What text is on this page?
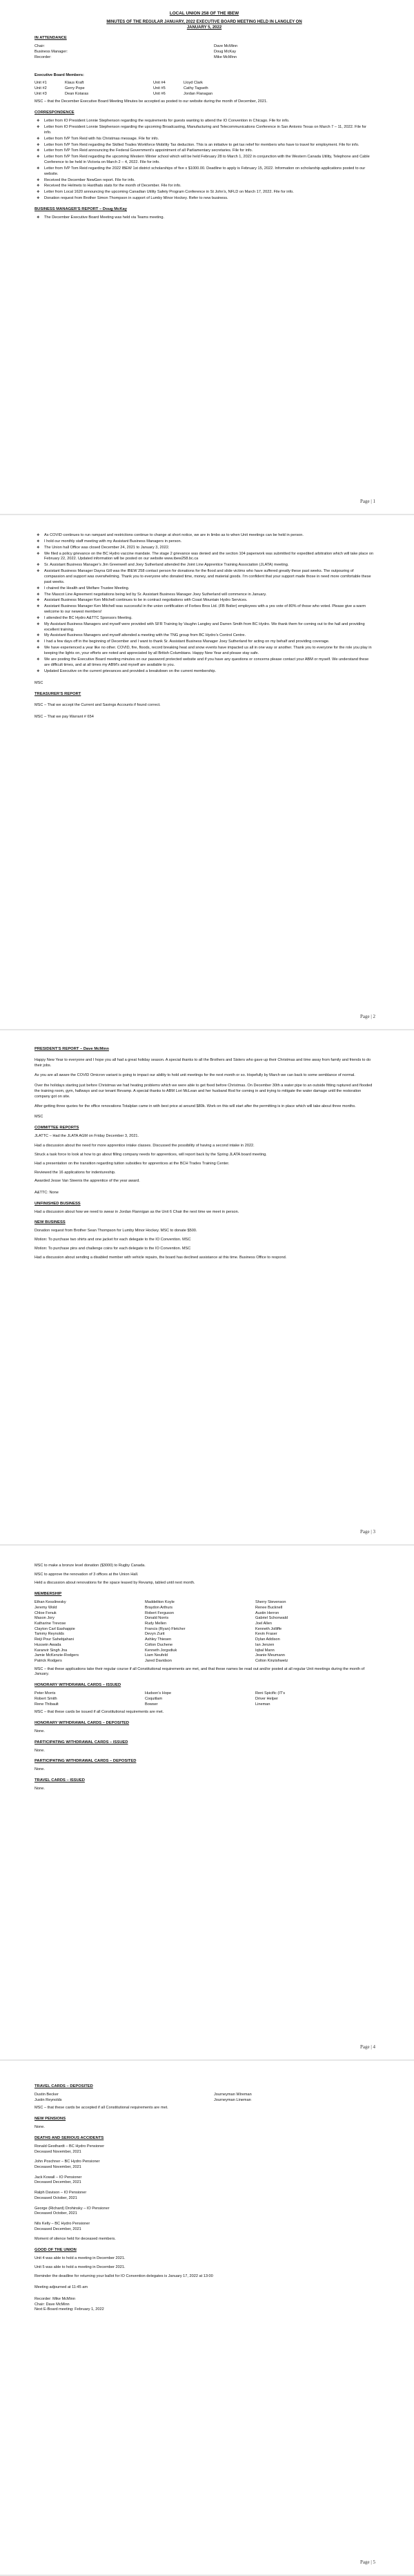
LOCAL UNION 258 OF THE IBEW
MINUTES OF THE REGULAR JANUARY, 2022 EXECUTIVE BOARD MEETING HELD IN LANGLEY ON
JANUARY 5, 2022
IN ATTENDANCE
Chair:	Dave McMinn
Business Manager:	Doug McKay
Recorder:	Mike McMinn
Executive Board Members:
Unit #1	Klaus Kraft	Unit #4	Lloyd Clark
Unit #2	Gerry Pope	Unit #5	Cathy Tagseth
Unit #3	Dean Kotaras	Unit #6	Jordan Flanagan

MSC – that the December Executive Board Meeting Minutes be accepted as posted to our website during the month of December, 2021.

CORRESPONDENCE
❖ Letter from IO President Lonnie Stephenson regarding the requirements for guests wanting to attend the IO Convention in Chicago. File for info.
❖ Letter from IO President Lonnie Stephenson regarding the upcoming Broadcasting, Manufacturing and Telecommunications Conference in San Antonio Texas on March 7 – 11, 2022. File for info.
❖ Letter from IVP Tom Reid with his Christmas message. File for info.
❖ Letter from IVP Tom Reid regarding the Skilled Trades Workforce Mobility Tax deduction. This is an initiative to get tax relief for members who have to travel for employment. File for info.
❖ Letter from IVP Tom Reid announcing the Federal Government’s appointment of all Parliamentary secretaries. File for info.
❖ Letter from IVP Tom Reid regarding the upcoming Western Winter school which will be held February 28 to March 1, 2022 in conjunction with the Western Canada Utility, Telephone and Cable Conference to be held in Victoria on March 2 – 4, 2022. File for info.
❖ Letter from IVP Tom Reid regarding the 2022 IBEW 1st district scholarships of five x $1000.00. Deadline to apply is February 15, 2022. Information on scholarship applications posted to our website.
❖ Received the December NewGen report. File for info.
❖ Received the Helmets to Hardhats stats for the month of December. File for info.
❖ Letter from Local 1620 announcing the upcoming Canadian Utility Safety Program Conference in St John’s, NFLD on March 17, 2022. File for info.
❖ Donation request from Brother Simon Thompson in support of Lumby Minor Hockey. Refer to new business.
BUSINESS MANAGER’S REPORT – Doug McKay
❖ The December Executive Board Meeting was held via Teams meeting.
Page | 1
❖ As COVID continues to run rampant and restrictions continue to change at short notice, we are in limbo as to when Unit meetings can be held in person.
❖ I hold our monthly staff meeting with my Assistant Business Managers in person.
❖ The Union hall Office was closed December 24, 2021 to January 3, 2022.
❖ We filed a policy grievance on the BC Hydro vaccine mandate. The stage 2 grievance was denied and the section 104 paperwork was submitted for expedited arbitration which will take place on February 22, 2022. Updated information will be posted on our website www.ibew258.bc.ca
❖ Sr. Assistant Business Manager’s Jim Greenwell and Joey Sutherland attended the Joint Line Apprentice Training Association (JLATA) meeting.
❖ Assistant Business Manager Dayna Gill was the IBEW 258 contact person for donations for the flood and slide victims who have suffered greatly these past weeks. The outpouring of compassion and support was overwhelming. Thank you to everyone who donated time, money, and material goods. I’m confident that your support made those in need more comfortable these past weeks.
❖ I chaired the Health and Welfare Trustee Meeting.
❖ The Mascot Line Agreement negotiations being led by Sr. Assistant Business Manager Joey Sutherland will commence in January.
❖ Assistant Business Manager Ken Mitchell continues to be in contract negotiations with Coast Mountain Hydro Services.
❖ Assistant Business Manager Ken Mitchell was successful in the union certification of Forbes Bros Ltd. (FB Boiler) employees with a yes vote of 80% of those who voted. Please give a warm welcome to our newest members!
❖ I attended the BC Hydro A&TTC Sponsors Meeting.
❖ My Assistant Business Managers and myself were provided with SFR Training by Vaughn Langley and Darren Smith from BC Hydro. We thank them for coming out to the hall and providing excellent training.
❖ My Assistant Business Managers and myself attended a meeting with the TNG group from BC Hydro’s Control Centre.
❖ I had a few days off in the beginning of December and I want to thank Sr. Assistant Business Manager Joey Sutherland for acting on my behalf and providing coverage.
❖ We have experienced a year like no other. COVID, fire, floods, record breaking heat and snow events have impacted us all in one way or another. Thank you to everyone for the role you play in keeping the lights on, your efforts are noted and appreciated by all British Columbians. Happy New Year and please stay safe.
❖ We are posting the Executive Board meeting minutes on our password protected website and if you have any questions or concerns please contact your ABM or myself. We understand these are difficult times, and at all times my ABM’s and myself are available to you.
❖ Updated Executive on the current grievances and provided a breakdown on the current membership.

MSC

TREASURER’S REPORT

MSC – That we accept the Current and Savings Accounts if found correct.

MSC – That we pay Warrant # 654

Page | 2
PRESIDENT’S REPORT – Dave McMinn

Happy New Year to everyone and I hope you all had a great holiday season. A special thanks to all the Brothers and Sisters who gave up their Christmas and time away from family and friends to do their jobs.

As you are all aware the COVID Omicron variant is going to impact our ability to hold unit meetings for the next month or so. Hopefully by March we can back to some semblance of normal.

Over the holidays starting just before Christmas we had heating problems which we were able to get fixed before Christmas. On December 30th a water pipe to an outside fitting ruptured and flooded the training room, gym, hallways and our tenant Revamp. A special thanks to ABM Lori McLean and her husband Rod for coming in and trying to mitigate the water damage until the restoration company got on site.

After getting three quotes for the office renovations Totalplan came in with best price at around $80k. Work on this will start after the permitting is in place which will take about three months.

MSC

COMMITTEE REPORTS

JLATTC – Had the JLATA AGM on Friday December 3, 2021.

Had a discussion about the need for more apprentice intake classes. Discussed the possibility of having a second intake in 2022.

Struck a task force to look at how to go about filling company needs for apprentices, will report back by the Spring JLATA board meeting.

Had a presentation on the transition regarding tuition subsidies for apprentices at the BCH Trades Training Center.

Reviewed the 16 applications for indentureship.

Awarded Jesse Van Steenis the apprentice of the year award.

A&TTC: None

UNFINISHED BUSINESS

Had a discussion about how we need to swear in Jordan Flannigan as the Unit 6 Chair the next time we meet in person.

NEW BUSINESS

Donation request from Brother Sean Thompson for Lumby Minor Hockey. MSC to donate $500.

Motion: To purchase two shirts and one jacket for each delegate to the IO Convention. MSC

Motion: To purchase pins and challenge coins for each delegate to the IO Convention. MSC

Had a discussion about sending a disabled member with vehicle repairs, the board has declined assistance at this time. Business Office to respond.

Page | 3

MSC to make a bronze level donation ($3000) to Rugby Canada.

MSC to approve the renovation of 3 offices at the Union Hall.

Held a discussion about renovations for the space leased by Revamp, tabled until next month.

MEMBERSHIP
Ethan Kesslinesky	Maddeliton Koyle	Sherry Stevenson
Jeremy Wold	Braydon Arthurs	Renee Bucknell
Chloe Fenuk	Robert Ferguson	Austin Herron
Mason Jory	Donald Norris	Gabriel Schonwald
Katharine Trevose	Rudy Mellen	Joel Allen
Clayton Carl Eashappie	Francis (Ryan) Fletcher	Kenneth Jolliffe
Tammy Reynolds	Devyn Zurit	Kevin Fraser
Reiji Pour Sahebjahani	Ashley Thiesen	Dylan Addison
Hussein Awada	Colton Duchene	Ian Jenzen
Karanvir Singh Jna	Kenneth Jorgsdiuk	Iqbal Mann
Jamie McKenzie-Rodgers	Liam Neufeld	Jeanie Meumann
Patrick Rodgers	Jared Davidson	Colton Kinzishwetz

MSC – that these applications take their regular course if all Constitutional requirements are met, and that these names be read out and/or posted at all regular Unit meetings during the month of January.

HONORARY WITHDRAWAL CARDS – ISSUED
Peter Morris	Hudson’s Hope	Reni Spicific (IT’s
Robert Smith	Coquitlam	Driver Helper
Rene Thibault	Bowser	Lineman

MSC – that these cards be issued if all Constitutional requirements are met.

HONORARY WITHDRAWAL CARDS – DEPOSITED

None.

PARTICIPATING WITHDRAWAL CARDS – ISSUED

None.

PARTICIPATING WITHDRAWAL CARDS – DEPOSITED

None.

TRAVEL CARDS – ISSUED

None.

Page | 4
TRAVEL CARDS – DEPOSITED
Dustin Becker	Journeyman Wireman
Justin Reynolds	Journeyman Lineman

MSC – that these cards be accepted if all Constitutional requirements are met.

NEW PENSIONS

None.

DEATHS AND SERIOUS ACCIDENTS
Ronald Gesthardt – BC Hydro Pensioner
Deceased November, 2021
John Poschner – BC Hydro Pensioner
Deceased November, 2021
Jack Kowall – IO Pensioner
Deceased December, 2021
Ralph Davison – IO Pensioner
Deceased October, 2021
George (Richard) Drohinsky – IO Pensioner
Deceased October, 2021
Nils Kelly – BC Hydro Pensioner
Deceased December, 2021

Moment of silence held for deceased members.

GOOD OF THE UNION

Unit 4 was able to hold a meeting in December 2021.

Unit 5 was able to hold a meeting in December 2021.

Reminder the deadline for returning your ballot for IO Convention delegates is January 17, 2022 at 13:00

Meeting adjourned at 11:45 am

Recorder: Mike McMinn

Chair: Dave McMinn

Next E-Board meeting: February 1, 2022

Page | 5
